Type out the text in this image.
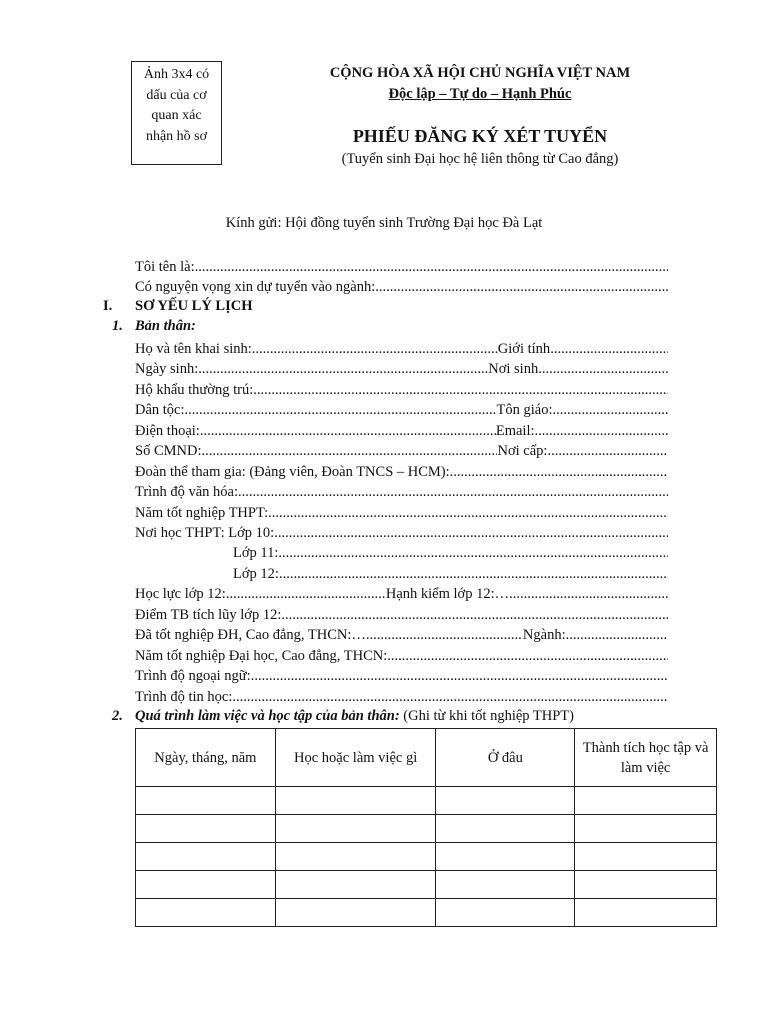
Ảnh 3x4 có
dấu của cơ
quan xác
nhận hồ sơ
CỘNG HÒA XÃ HỘI CHỦ NGHĨA VIỆT NAM
Độc lập – Tự do – Hạnh Phúc
PHIẾU ĐĂNG KÝ XÉT TUYỂN
(Tuyển sinh Đại học hệ liên thông từ Cao đẳng)
Kính gửi: Hội đồng tuyển sinh Trường Đại học Đà Lạt
Tôi tên là:
.....
Có nguyện vọng xin dự tuyển vào ngành:
.....
I. SƠ YẾU LÝ LỊCH
1. Bản thân:
Họ và tên khai sinh: .....	Giới tính
.....
Ngày sinh: .....	Nơi sinh
.....
Hộ khẩu thường trú:
.....
Dân tộc: .....	Tôn giáo:
.....
Điện thoại: .....	Email:
.....
Số CMND: .....	Nơi cấp:
.....
Đoàn thể tham gia: (Đảng viên, Đoàn TNCS – HCM):
.....
Trình độ văn hóa:
.....
Năm tốt nghiệp THPT:
.....
Nơi học THPT: Lớp 10:
.....
Lớp 11:
.....
Lớp 12:
.....
Học lực lớp 12: .....	Hạnh kiểm lớp 12:…
.....
Điểm TB tích lũy lớp 12:
.....
Đã tốt nghiệp ĐH, Cao đẳng, THCN:… .....	Ngành:
.....
Năm tốt nghiệp Đại học, Cao đẳng, THCN:
.....
Trình độ ngoại ngữ:
.....
Trình độ tin học:
.....
2. Quá trình làm việc và học tập của bản thân: (Ghi từ khi tốt nghiệp THPT)
Ngày, tháng, năm	Học hoặc làm việc gì	Ở đâu	Thành tích học tập và làm việc
